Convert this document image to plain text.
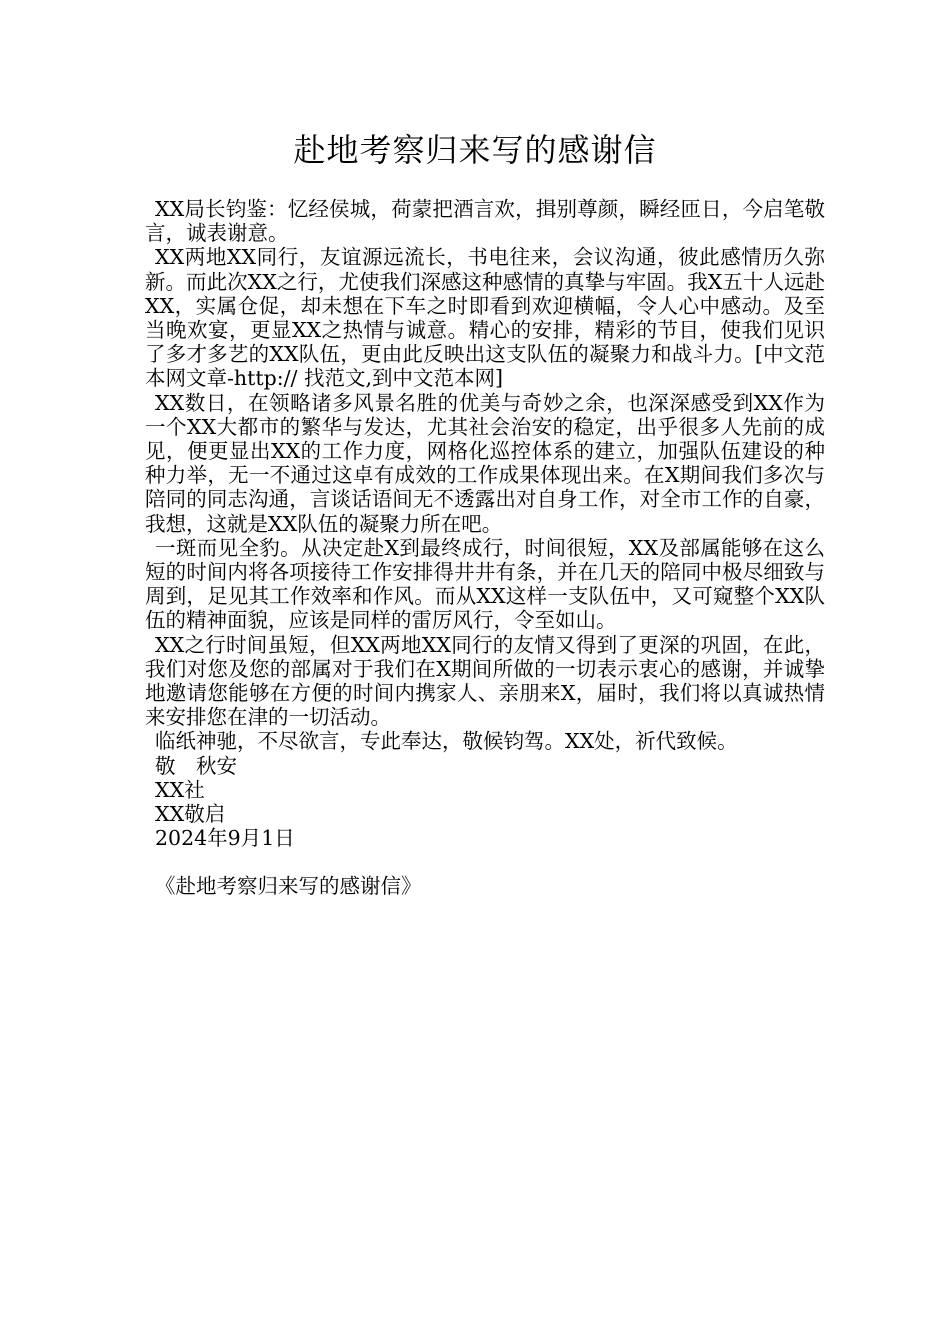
赴地考察归来写的感谢信

XX局长钧鉴：忆经侯城，荷蒙把酒言欢，揖别尊颜，瞬经匝日，今启笔敬言，诚表谢意。

XX两地XX同行，友谊源远流长，书电往来，会议沟通，彼此感情历久弥新。而此次XX之行，尤使我们深感这种感情的真挚与牢固。我X五十人远赴XX，实属仓促，却未想在下车之时即看到欢迎横幅，令人心中感动。及至当晚欢宴，更显XX之热情与诚意。精心的安排，精彩的节目，使我们见识了多才多艺的XX队伍，更由此反映出这支队伍的凝聚力和战斗力。[中文范本网文章-http:// 找范文,到中文范本网]

XX数日，在领略诸多风景名胜的优美与奇妙之余，也深深感受到XX作为一个XX大都市的繁华与发达，尤其社会治安的稳定，出乎很多人先前的成见，便更显出XX的工作力度，网格化巡控体系的建立，加强队伍建设的种种力举，无一不通过这卓有成效的工作成果体现出来。在X期间我们多次与陪同的同志沟通，言谈话语间无不透露出对自身工作，对全市工作的自豪，我想，这就是XX队伍的凝聚力所在吧。

一斑而见全豹。从决定赴X到最终成行，时间很短，XX及部属能够在这么短的时间内将各项接待工作安排得井井有条，并在几天的陪同中极尽细致与周到，足见其工作效率和作风。而从XX这样一支队伍中，又可窥整个XX队伍的精神面貌，应该是同样的雷厉风行，令至如山。

XX之行时间虽短，但XX两地XX同行的友情又得到了更深的巩固，在此，我们对您及您的部属对于我们在X期间所做的一切表示衷心的感谢，并诚挚地邀请您能够在方便的时间内携家人、亲朋来X，届时，我们将以真诚热情来安排您在津的一切活动。

临纸神驰，不尽欲言，专此奉达，敬候钧驾。XX处，祈代致候。

敬　秋安

XX社

XX敬启

2024年9月1日

《赴地考察归来写的感谢信》
